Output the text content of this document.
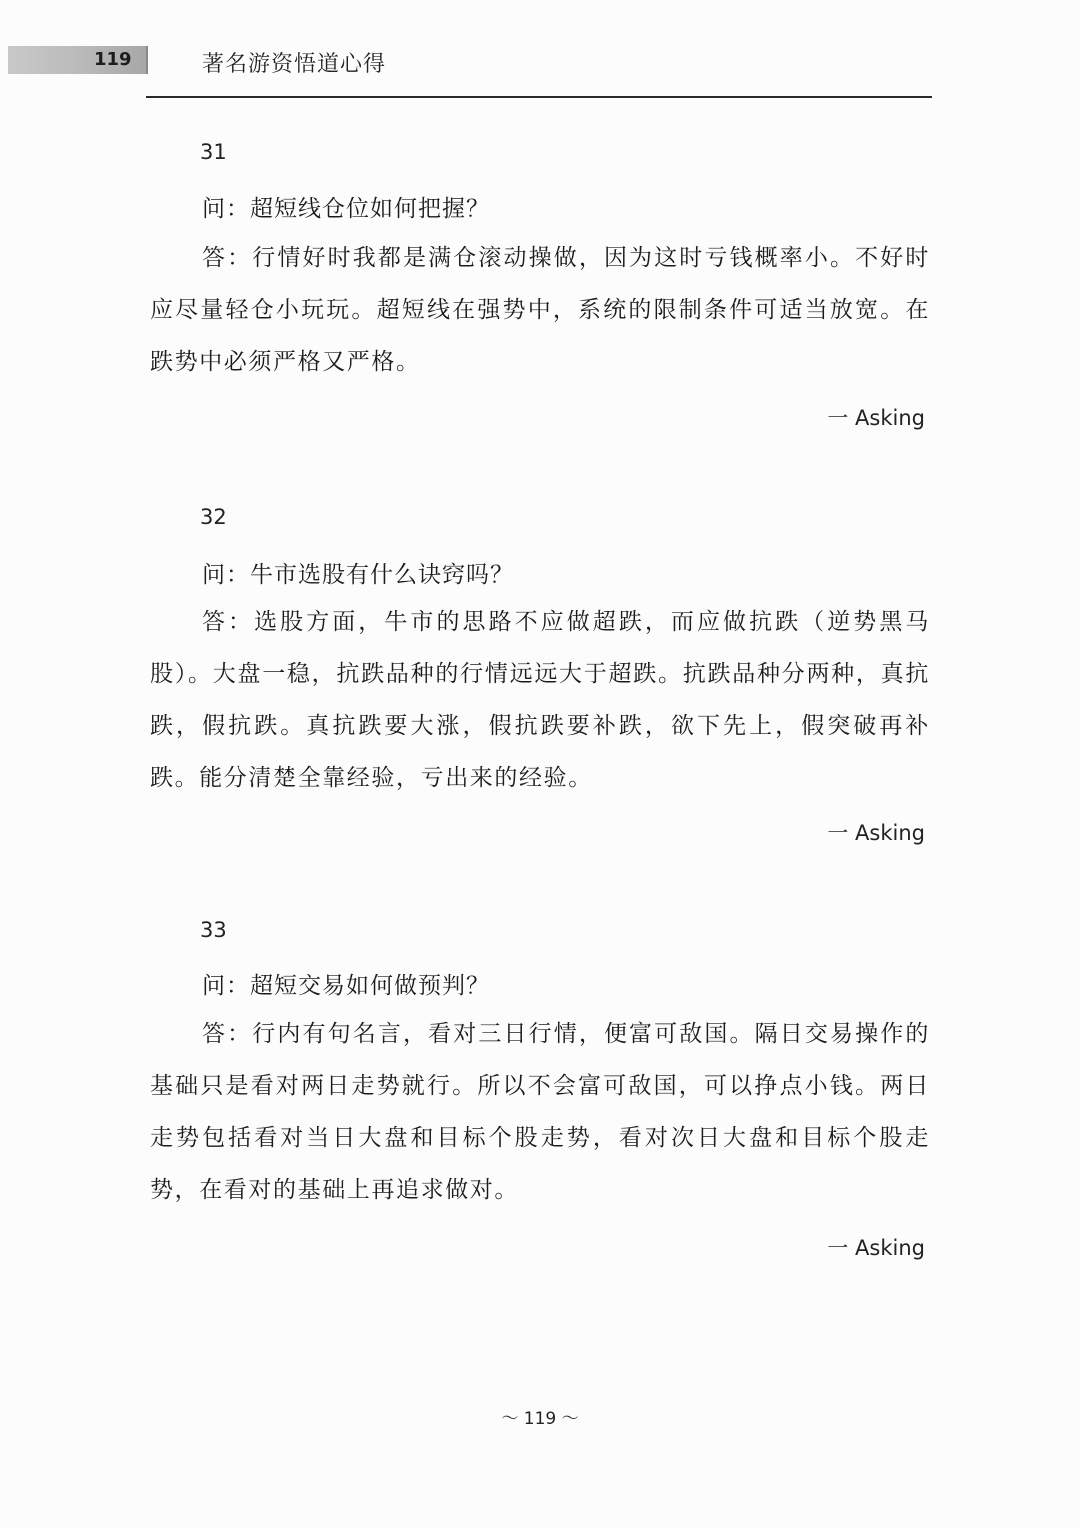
119	著名游资悟道心得
31
问：超短线仓位如何把握？
答：行情好时我都是满仓滚动操做，因为这时亏钱概率小。不好时应尽量轻仓小玩玩。超短线在强势中，系统的限制条件可适当放宽。在跌势中必须严格又严格。
一 Asking
32
问：牛市选股有什么诀窍吗？
答：选股方面，牛市的思路不应做超跌，而应做抗跌（逆势黑马股）。大盘一稳，抗跌品种的行情远远大于超跌。抗跌品种分两种，真抗跌，假抗跌。真抗跌要大涨，假抗跌要补跌，欲下先上，假突破再补跌。能分清楚全靠经验，亏出来的经验。
一 Asking
33
问：超短交易如何做预判？
答：行内有句名言，看对三日行情，便富可敌国。隔日交易操作的基础只是看对两日走势就行。所以不会富可敌国，可以挣点小钱。两日走势包括看对当日大盘和目标个股走势，看对次日大盘和目标个股走势，在看对的基础上再追求做对。
一 Asking
～ 119 ～
